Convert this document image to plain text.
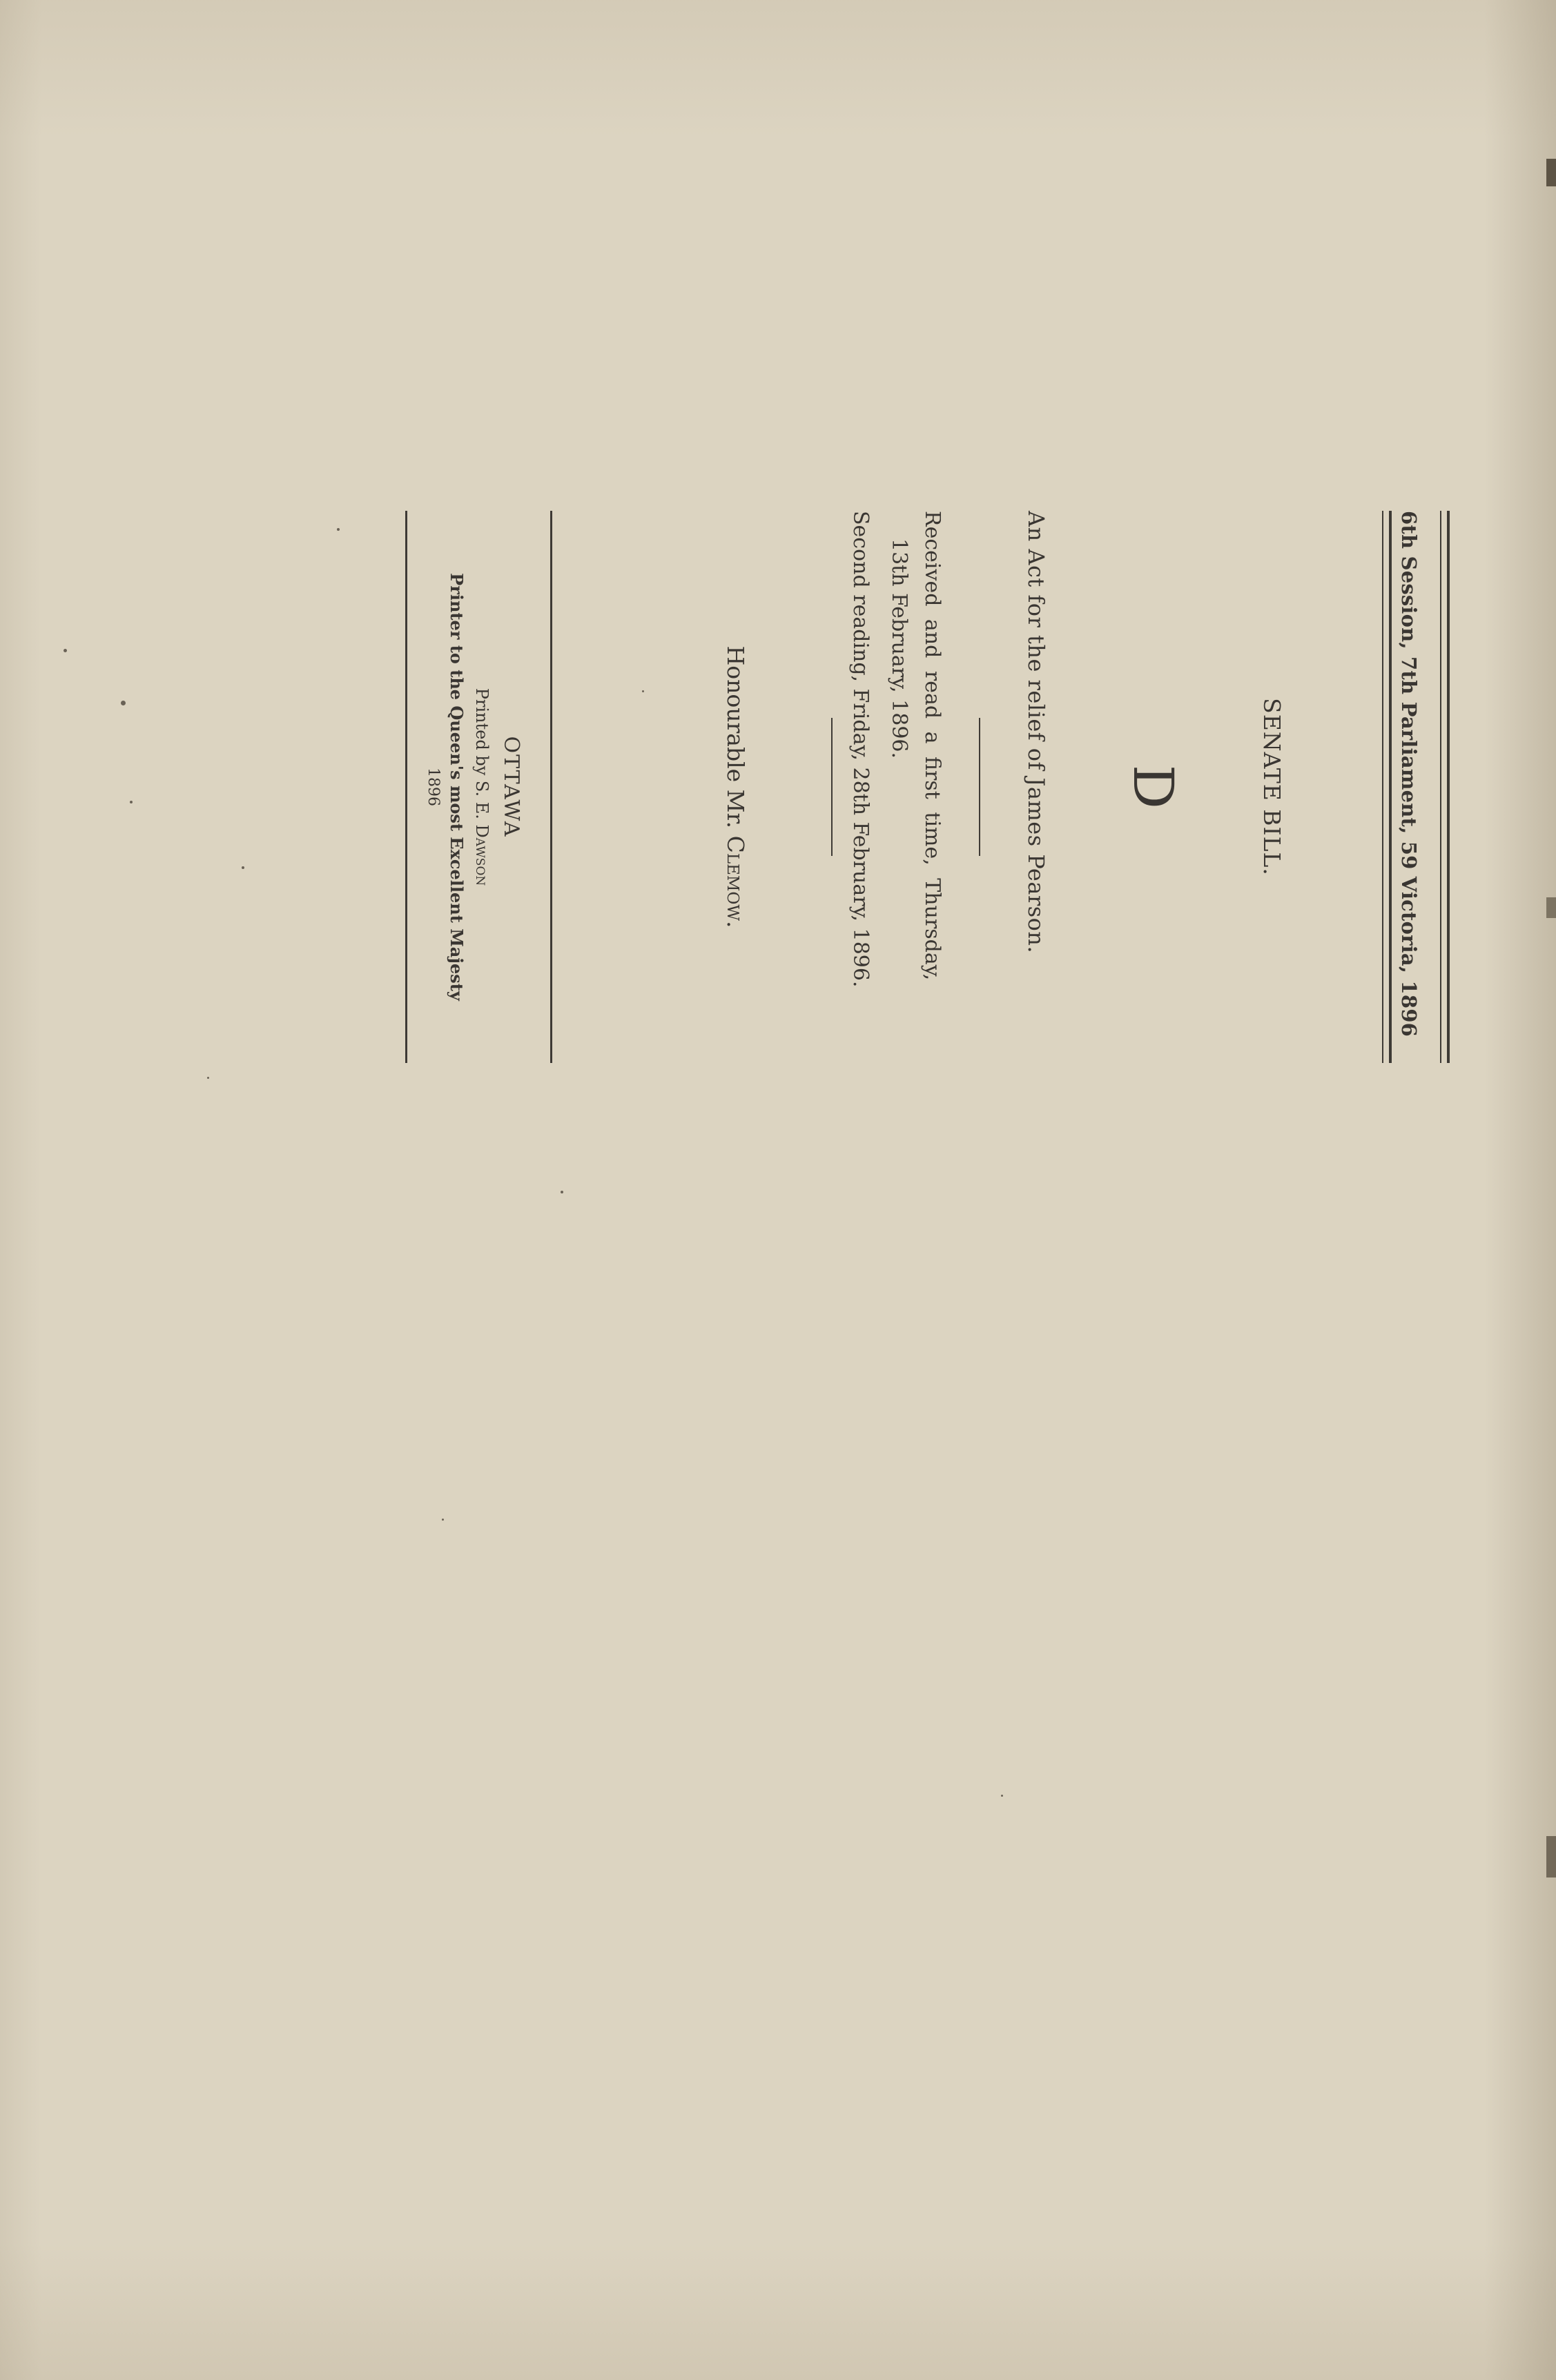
6th Session, 7th Parliament, 59 Victoria, 1896
SENATE BILL.
D
An Act for the relief of James Pearson.
Received and read a first time, Thursday,
13th February, 1896.
Second reading, Friday, 28th February, 1896.
Honourable Mr. Clemow.
OTTAWA
Printed by S. E. Dawson
Printer to the Queen's most Excellent Majesty
1896
